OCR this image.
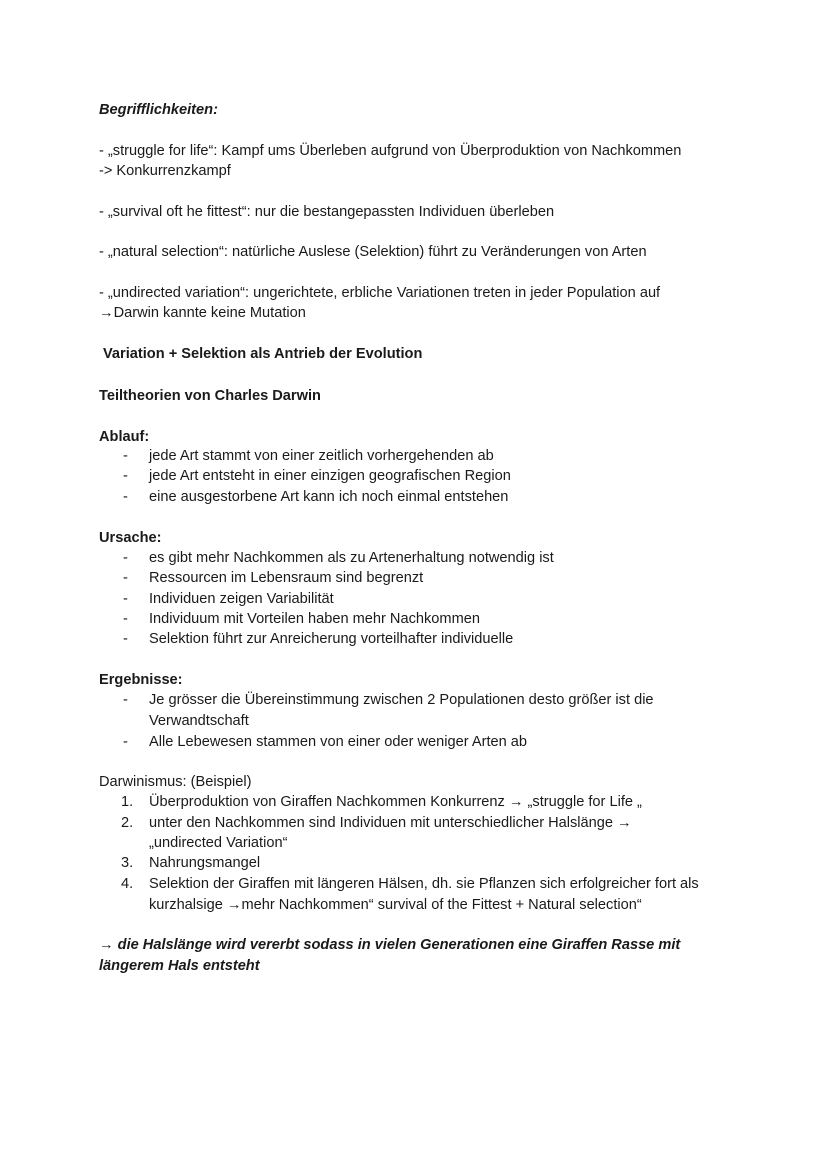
Begrifflichkeiten:
- „struggle for life“: Kampf ums Überleben aufgrund von Überproduktion von Nachkommen
-> Konkurrenzkampf
- „survival oft he fittest“: nur die bestangepassten Individuen überleben
- „natural selection“: natürliche Auslese (Selektion) führt zu Veränderungen von Arten
- „undirected variation“: ungerichtete, erbliche Variationen treten in jeder Population auf
→Darwin kannte keine Mutation
Variation + Selektion als Antrieb der Evolution
Teiltheorien von Charles Darwin
Ablauf:
- jede Art stammt von einer zeitlich vorhergehenden ab
- jede Art entsteht in einer einzigen geografischen Region
- eine ausgestorbene Art kann ich noch einmal entstehen
Ursache:
- es gibt mehr Nachkommen als zu Artenerhaltung notwendig ist
- Ressourcen im Lebensraum sind begrenzt
- Individuen zeigen Variabilität
- Individuum mit Vorteilen haben mehr Nachkommen
- Selektion führt zur Anreicherung vorteilhafter individuelle
Ergebnisse:
- Je grösser die Übereinstimmung zwischen 2 Populationen desto größer ist die
Verwandtschaft
- Alle Lebewesen stammen von einer oder weniger Arten ab
Darwinismus: (Beispiel)
1. Überproduktion von Giraffen Nachkommen Konkurrenz → „struggle for Life „
2. unter den Nachkommen sind Individuen mit unterschiedlicher Halslänge →
„undirected Variation“
3. Nahrungsmangel
4. Selektion der Giraffen mit längeren Hälsen, dh. sie Pflanzen sich erfolgreicher fort als
kurzhalsige →mehr Nachkommen“ survival of the Fittest + Natural selection“
→ die Halslänge wird vererbt sodass in vielen Generationen eine Giraffen Rasse mit
längerem Hals entsteht
